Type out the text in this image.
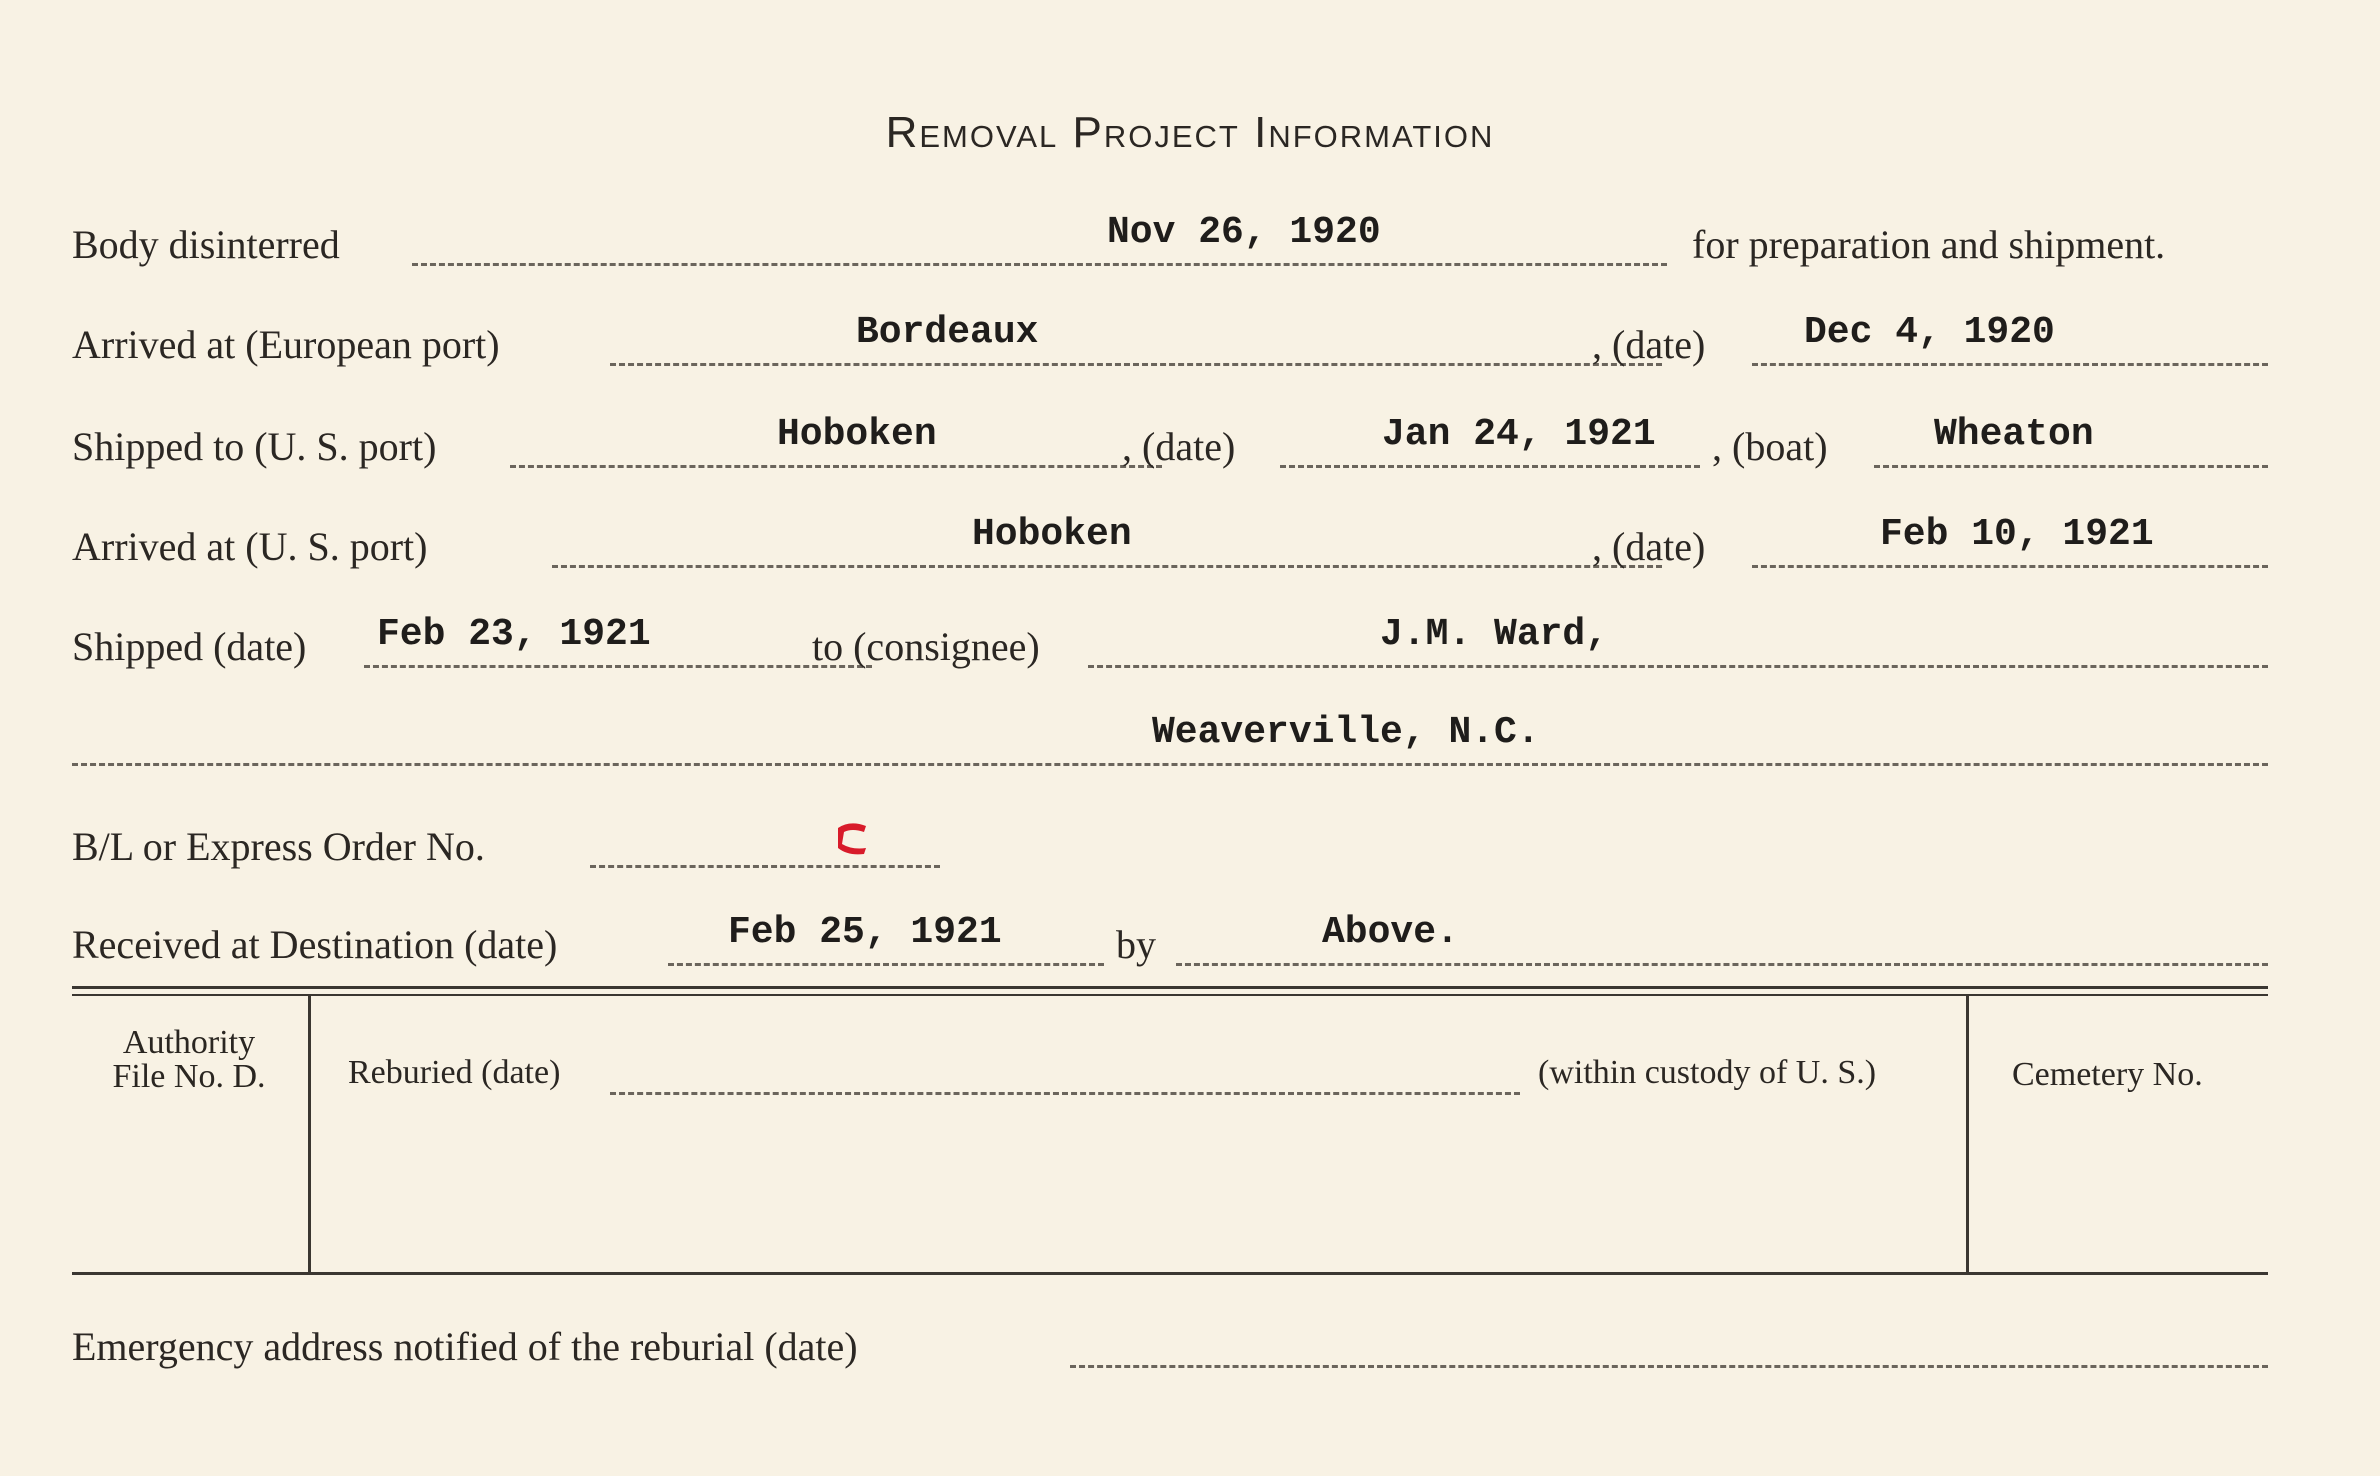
Removal Project Information
Body disinterred	Nov 26, 1920	for preparation and shipment.
Arrived at (European port)	Bordeaux	, (date)	Dec 4, 1920
Shipped to (U. S. port)	Hoboken	, (date)	Jan 24, 1921 , (boat)	Wheaton
Arrived at (U. S. port)	Hoboken	, (date)	Feb 10, 1921
Shipped (date) Feb 23, 1921	to (consignee)	J.M. Ward,
Weaverville, N.C.
B/L or Express Order No.
Received at Destination (date)	Feb 25, 1921	by	Above.
Authority
File No. D.	Reburied (date)	(within custody of U. S.)	Cemetery No.
Emergency address notified of the reburial (date)
